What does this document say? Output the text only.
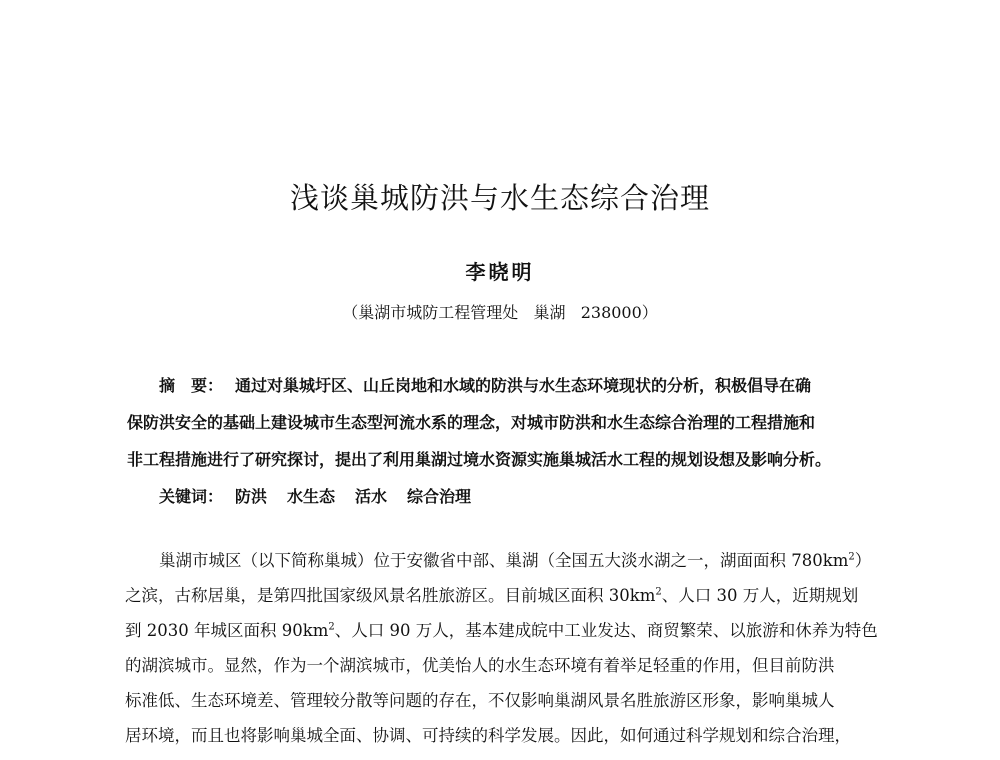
浅谈巢城防洪与水生态综合治理
李晓明
（巢湖市城防工程管理处   巢湖   238000）
摘　要： 通过对巢城圩区、山丘岗地和水域的防洪与水生态环境现状的分析，积极倡导在确
保防洪安全的基础上建设城市生态型河流水系的理念，对城市防洪和水生态综合治理的工程措施和
非工程措施进行了研究探讨，提出了利用巢湖过境水资源实施巢城活水工程的规划设想及影响分析。
关键词： 防洪 水生态 活水 综合治理
巢湖市城区（以下简称巢城）位于安徽省中部、巢湖（全国五大淡水湖之一，湖面面积 $780km^2$）
之滨，古称居巢，是第四批国家级风景名胜旅游区。目前城区面积 $30km^2$、人口 30 万人，近期规划
到 2030 年城区面积 $90km^2$、人口 90 万人，基本建成皖中工业发达、商贸繁荣、以旅游和休养为特色
的湖滨城市。显然，作为一个湖滨城市，优美怡人的水生态环境有着举足轻重的作用，但目前防洪
标准低、生态环境差、管理较分散等问题的存在，不仅影响巢湖风景名胜旅游区形象，影响巢城人
居环境，而且也将影响巢城全面、协调、可持续的科学发展。因此，如何通过科学规划和综合治理，
